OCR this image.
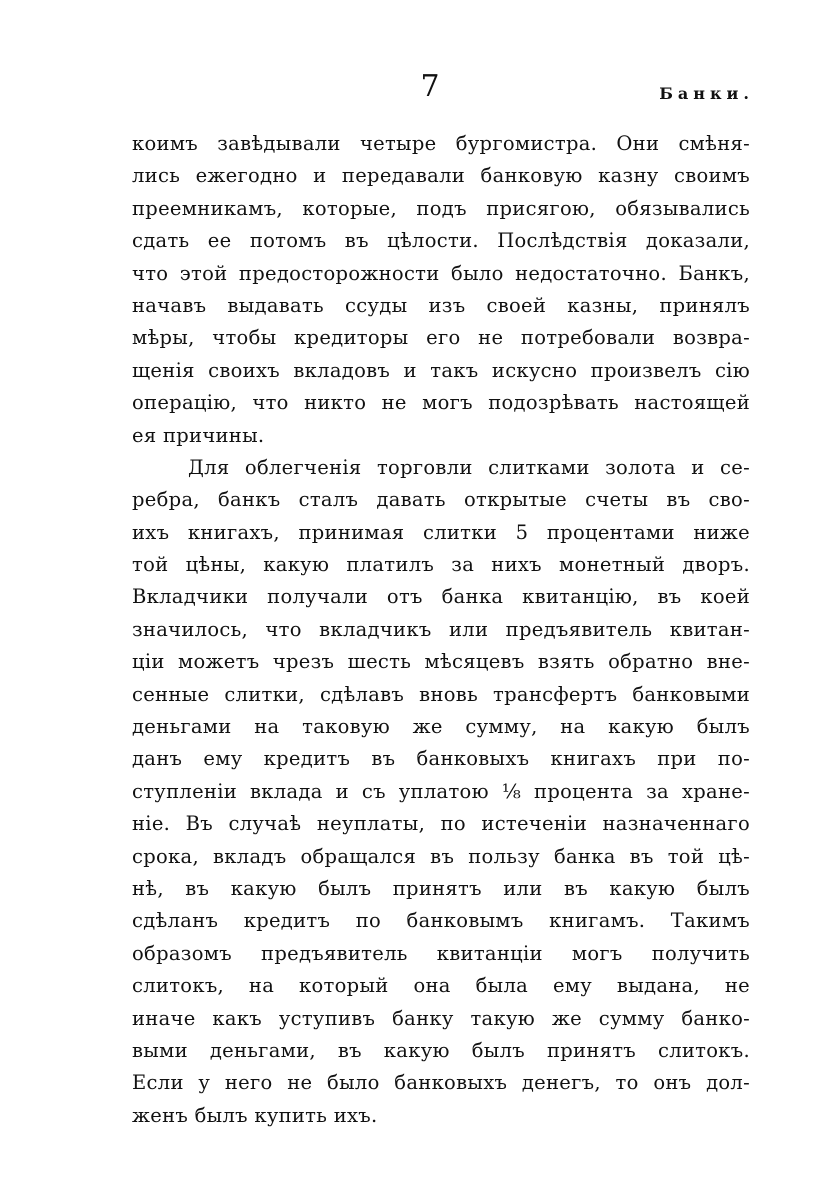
7	Банки.
коимъ завѣдывали четыре бургомистра. Они смѣня-
лись ежегодно и передавали банковую казну своимъ
преемникамъ, которые, подъ присягою, обязывались
сдать ее потомъ въ цѣлости. Послѣдствія доказали,
что этой предосторожности было недостаточно. Банкъ,
начавъ выдавать ссуды изъ своей казны, принялъ
мѣры, чтобы кредиторы его не потребовали возвра-
щенія своихъ вкладовъ и такъ искусно произвелъ сію
операцію, что никто не могъ подозрѣвать настоящей
ея причины.
Для облегченія торговли слитками золота и се-
ребра, банкъ сталъ давать открытые счеты въ сво-
ихъ книгахъ, принимая слитки 5 процентами ниже
той цѣны, какую платилъ за нихъ монетный дворъ.
Вкладчики получали отъ банка квитанцію, въ коей
значилось, что вкладчикъ или предъявитель квитан-
ціи можетъ чрезъ шесть мѣсяцевъ взять обратно вне-
сенные слитки, сдѣлавъ вновь трансфертъ банковыми
деньгами на таковую же сумму, на какую былъ
данъ ему кредитъ въ банковыхъ книгахъ при по-
ступленіи вклада и съ уплатою ⅛ процента за хране-
ніе. Въ случаѣ неуплаты, по истеченіи назначеннаго
срока, вкладъ обращался въ пользу банка въ той цѣ-
нѣ, въ какую былъ принятъ или въ какую былъ
сдѣланъ кредитъ по банковымъ книгамъ. Такимъ
образомъ предъявитель квитанціи могъ получить
слитокъ, на который она была ему выдана, не
иначе какъ уступивъ банку такую же сумму банко-
выми деньгами, въ какую былъ принятъ слитокъ.
Если у него не было банковыхъ денегъ, то онъ дол-
женъ былъ купить ихъ.
